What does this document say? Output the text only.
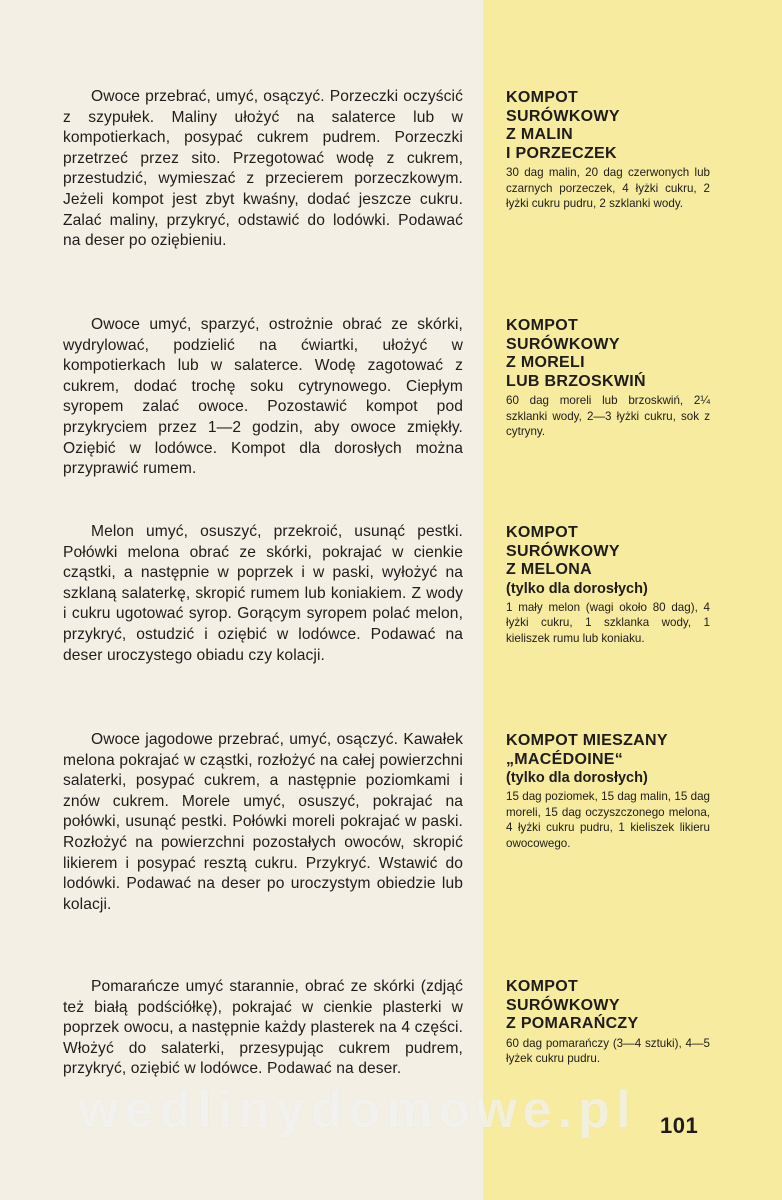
Owoce przebrać, umyć, osączyć. Porzeczki oczyścić z szypułek. Maliny ułożyć na salaterce lub w kompotierkach, posypać cukrem pudrem. Porzeczki przetrzeć przez sito. Przegotować wodę z cukrem, przestudzić, wymieszać z przecierem porzeczkowym. Jeżeli kompot jest zbyt kwaśny, dodać jeszcze cukru. Zalać maliny, przykryć, odstawić do lodówki. Podawać na deser po oziębieniu.
KOMPOT
SURÓWKOWY
Z MALIN
I PORZECZEK
30 dag malin, 20 dag czerwonych lub czarnych porzeczek, 4 łyżki cukru, 2 łyżki cukru pudru, 2 szklanki wody.
Owoce umyć, sparzyć, ostrożnie obrać ze skórki, wydrylować, podzielić na ćwiartki, ułożyć w kompotierkach lub w salaterce. Wodę zagotować z cukrem, dodać trochę soku cytrynowego. Ciepłym syropem zalać owoce. Pozostawić kompot pod przykryciem przez 1—2 godzin, aby owoce zmiękły. Oziębić w lodówce. Kompot dla dorosłych można przyprawić rumem.
KOMPOT
SURÓWKOWY
Z MORELI
LUB BRZOSKWIŃ
60 dag moreli lub brzoskwiń, 2¼ szklanki wody, 2—3 łyżki cukru, sok z cytryny.
Melon umyć, osuszyć, przekroić, usunąć pestki. Połówki melona obrać ze skórki, pokrajać w cienkie cząstki, a następnie w poprzek i w paski, wyłożyć na szklaną salaterkę, skropić rumem lub koniakiem. Z wody i cukru ugotować syrop. Gorącym syropem polać melon, przykryć, ostudzić i oziębić w lodówce. Podawać na deser uroczystego obiadu czy kolacji.
KOMPOT
SURÓWKOWY
Z MELONA
(tylko dla dorosłych)
1 mały melon (wagi około 80 dag), 4 łyżki cukru, 1 szklanka wody, 1 kieliszek rumu lub koniaku.
Owoce jagodowe przebrać, umyć, osączyć. Kawałek melona pokrajać w cząstki, rozłożyć na całej powierzchni salaterki, posypać cukrem, a następnie poziomkami i znów cukrem. Morele umyć, osuszyć, pokrajać na połówki, usunąć pestki. Połówki moreli pokrajać w paski. Rozłożyć na powierzchni pozostałych owoców, skropić likierem i posypać resztą cukru. Przykryć. Wstawić do lodówki. Podawać na deser po uroczystym obiedzie lub kolacji.
KOMPOT MIESZANY
„MACÉDOINE“
(tylko dla dorosłych)
15 dag poziomek, 15 dag malin, 15 dag moreli, 15 dag oczyszczonego melona, 4 łyżki cukru pudru, 1 kieliszek likieru owocowego.
Pomarańcze umyć starannie, obrać ze skórki (zdjąć też białą podściółkę), pokrajać w cienkie plasterki w poprzek owocu, a następnie każdy plasterek na 4 części. Włożyć do salaterki, przesypując cukrem pudrem, przykryć, oziębić w lodówce. Podawać na deser.
KOMPOT
SURÓWKOWY
Z POMARAŃCZY
60 dag pomarańczy (3—4 sztuki), 4—5 łyżek cukru pudru.
wedlinydomowe.pl 101
